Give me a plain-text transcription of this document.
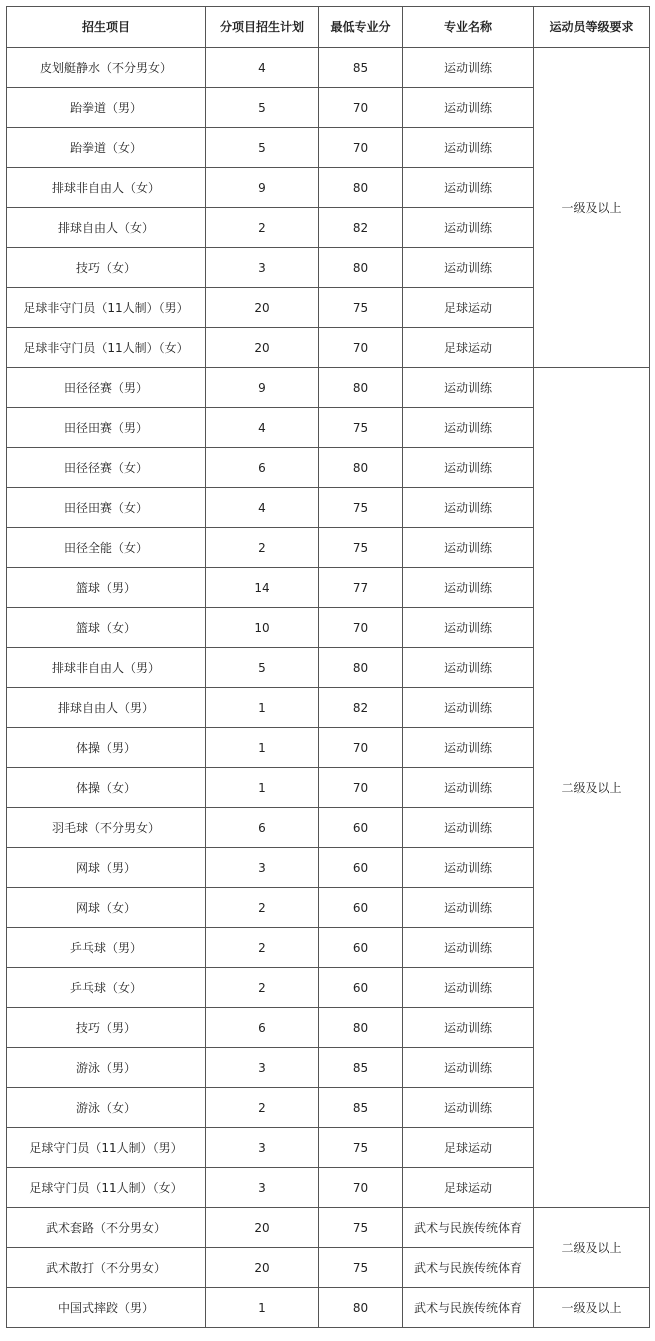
招生项目	分项目招生计划	最低专业分	专业名称	运动员等级要求
皮划艇静水（不分男女）	4	85	运动训练	一级及以上
跆拳道（男）	5	70	运动训练	
跆拳道（女）	5	70	运动训练	
排球非自由人（女）	9	80	运动训练	
排球自由人（女）	2	82	运动训练	
技巧（女）	3	80	运动训练	
足球非守门员（11人制）（男）	20	75	足球运动	
足球非守门员（11人制）（女）	20	70	足球运动	
田径径赛（男）	9	80	运动训练	二级及以上
田径田赛（男）	4	75	运动训练	
田径径赛（女）	6	80	运动训练	
田径田赛（女）	4	75	运动训练	
田径全能（女）	2	75	运动训练	
篮球（男）	14	77	运动训练	
篮球（女）	10	70	运动训练	
排球非自由人（男）	5	80	运动训练	
排球自由人（男）	1	82	运动训练	
体操（男）	1	70	运动训练	
体操（女）	1	70	运动训练	
羽毛球（不分男女）	6	60	运动训练	
网球（男）	3	60	运动训练	
网球（女）	2	60	运动训练	
乒乓球（男）	2	60	运动训练	
乒乓球（女）	2	60	运动训练	
技巧（男）	6	80	运动训练	
游泳（男）	3	85	运动训练	
游泳（女）	2	85	运动训练	
足球守门员（11人制）（男）	3	75	足球运动	
足球守门员（11人制）（女）	3	70	足球运动	
武术套路（不分男女）	20	75	武术与民族传统体育	二级及以上
武术散打（不分男女）	20	75	武术与民族传统体育	
中国式摔跤（男）	1	80	武术与民族传统体育	一级及以上
